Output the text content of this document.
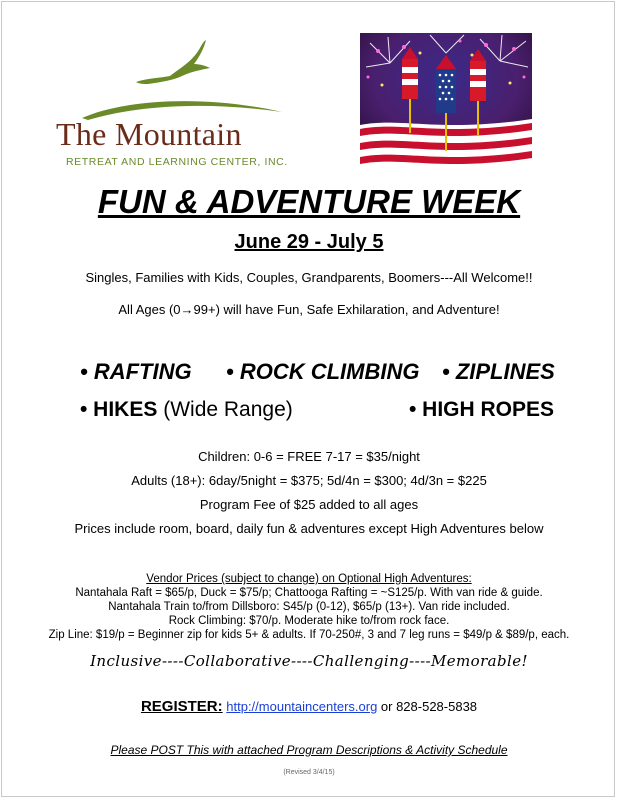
The Mountain
RETREAT AND LEARNING CENTER, INC.
FUN & ADVENTURE WEEK
June 29 - July 5
Singles, Families with Kids, Couples, Grandparents, Boomers---All Welcome!!
All Ages (0→99+) will have Fun, Safe Exhilaration, and Adventure!
• RAFTING • ROCK CLIMBING • ZIPLINES
• HIKES (Wide Range)	• HIGH ROPES
Children: 0-6 = FREE 7-17 = $35/night
Adults (18+): 6day/5night = $375; 5d/4n = $300; 4d/3n = $225
Program Fee of $25 added to all ages
Prices include room, board, daily fun & adventures except High Adventures below
Vendor Prices (subject to change) on Optional High Adventures:
Nantahala Raft = $65/p, Duck = $75/p; Chattooga Rafting = ~S125/p. With van ride & guide.
Nantahala Train to/from Dillsboro: S45/p (0-12), $65/p (13+). Van ride included.
Rock Climbing: $70/p. Moderate hike to/from rock face.
Zip Line: $19/p = Beginner zip for kids 5+ & adults. If 70-250#, 3 and 7 leg runs = $49/p & $89/p, each.
Inclusive----Collaborative----Challenging----Memorable!
REGISTER: http://mountaincenters.org or 828-528-5838
Please POST This with attached Program Descriptions & Activity Schedule
(Revised 3/4/15)
